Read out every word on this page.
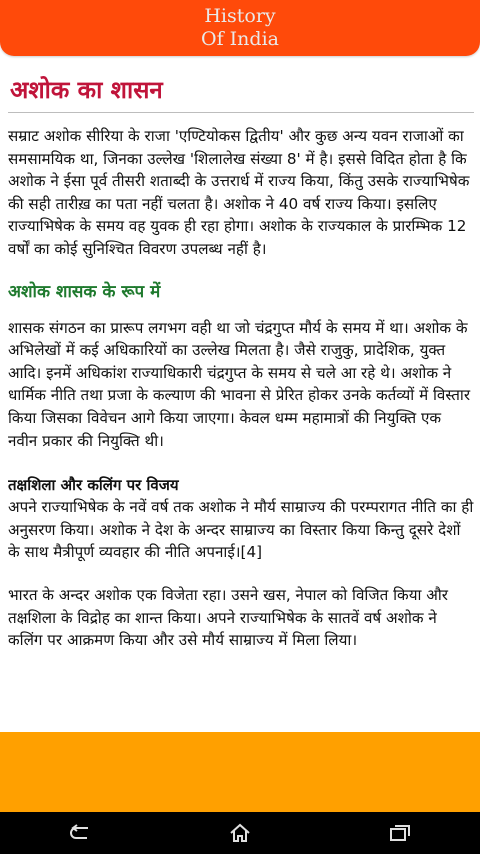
History
Of India
अशोक का शासन
सम्राट अशोक सीरिया के राजा 'एण्टियोकस द्वितीय' और कुछ अन्य यवन राजाओं का समसामयिक था, जिनका उल्लेख 'शिलालेख संख्या 8' में है। इससे विदित होता है कि अशोक ने ईसा पूर्व तीसरी शताब्दी के उत्तरार्ध में राज्य किया, किंतु उसके राज्याभिषेक की सही तारीख़ का पता नहीं चलता है। अशोक ने 40 वर्ष राज्य किया। इसलिए राज्याभिषेक के समय वह युवक ही रहा होगा। अशोक के राज्यकाल के प्रारम्भिक 12 वर्षों का कोई सुनिश्चित विवरण उपलब्ध नहीं है।
अशोक शासक के रूप में
शासक संगठन का प्रारूप लगभग वही था जो चंद्रगुप्त मौर्य के समय में था। अशोक के अभिलेखों में कई अधिकारियों का उल्लेख मिलता है। जैसे राजुकु, प्रादेशिक, युक्त आदि। इनमें अधिकांश राज्याधिकारी चंद्रगुप्त के समय से चले आ रहे थे। अशोक ने धार्मिक नीति तथा प्रजा के कल्याण की भावना से प्रेरित होकर उनके कर्तव्यों में विस्तार किया जिसका विवेचन आगे किया जाएगा। केवल धम्म महामात्रों की नियुक्ति एक नवीन प्रकार की नियुक्ति थी।
तक्षशिला और कलिंग पर विजय
अपने राज्याभिषेक के नवें वर्ष तक अशोक ने मौर्य साम्राज्य की परम्परागत नीति का ही अनुसरण किया। अशोक ने देश के अन्दर साम्राज्य का विस्तार किया किन्तु दूसरे देशों के साथ मैत्रीपूर्ण व्यवहार की नीति अपनाई।[4]
भारत के अन्दर अशोक एक विजेता रहा। उसने खस, नेपाल को विजित किया और तक्षशिला के विद्रोह का शान्त किया। अपने राज्याभिषेक के सातवें वर्ष अशोक ने कलिंग पर आक्रमण किया और उसे मौर्य साम्राज्य में मिला लिया।
